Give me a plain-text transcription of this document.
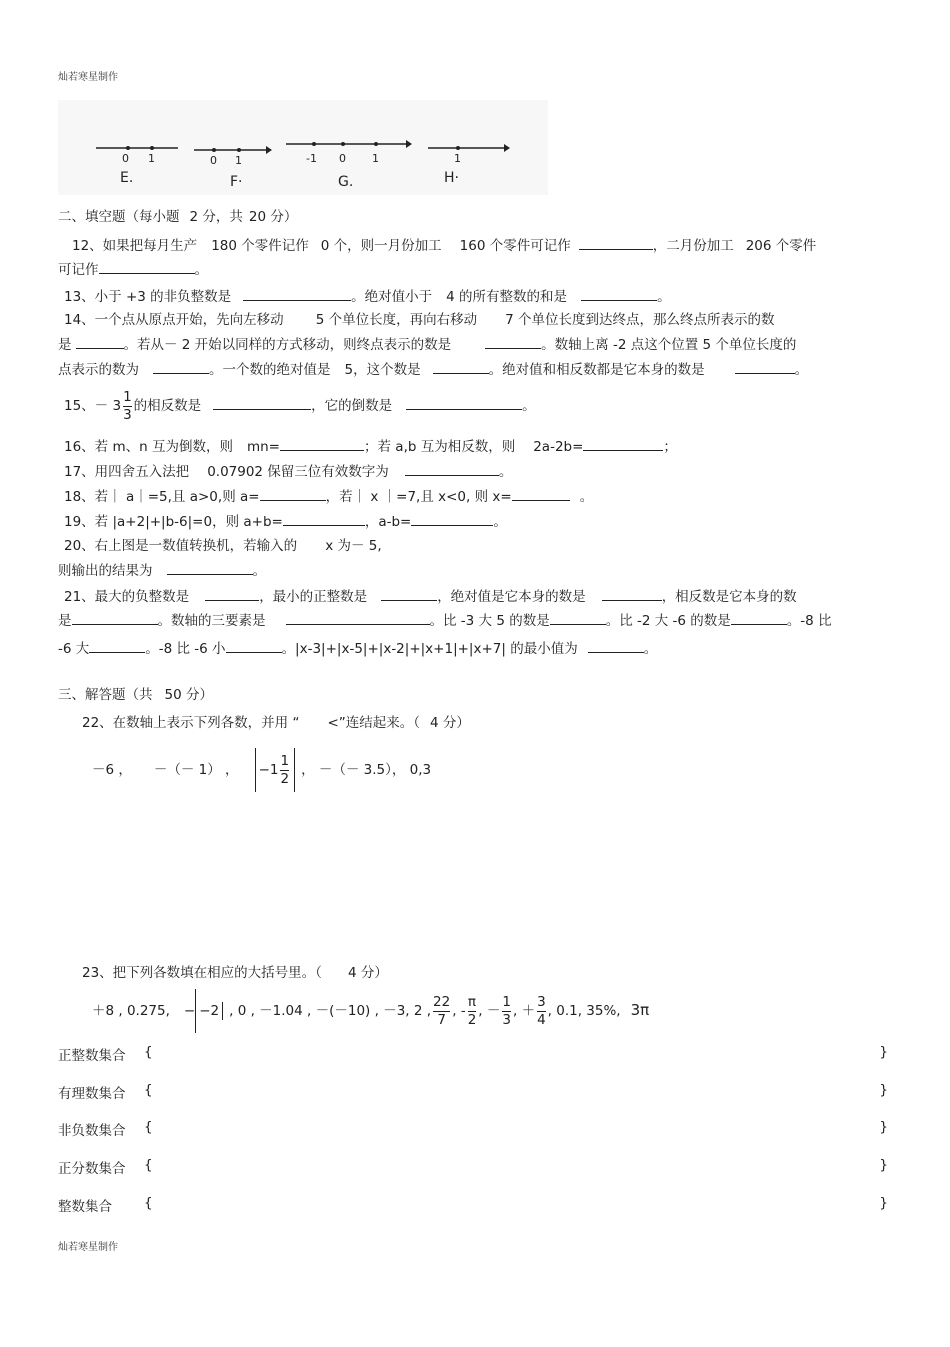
灿若寒星制作
0 1
E.
0 1
F·
-1 0 1
G.
1
H·
二、填空题（每小题 2 分，共 20 分）
12、如果把每月生产 180 个零件记作 0 个，则一月份加工 160 个零件可记作	，二月份加工 206 个零件
可记作	。
13、小于 +3 的非负整数是	。绝对值小于 4 的所有整数的和是	。
14、一个点从原点开始，先向左移动 5 个单位长度，再向右移动 7 个单位长度到达终点，那么终点所表示的数
是	。若从－ 2 开始以同样的方式移动，则终点表示的数是	。数轴上离 -2 点这个位置 5 个单位长度的
点表示的数为	。一个数的绝对值是 5，这个数是	。绝对值和相反数都是它本身的数是	。
15、－ $3 \frac{1}{3}$ 的相反数是	，它的倒数是	。
16、若 m、n 互为倒数，则 mn=	；若 a,b 互为相反数，则 2a-2b=	；
17、用四舍五入法把 0.07902 保留三位有效数字为	。
18、若｜ a｜=5,且 a>0,则 a=	，若｜ x ｜=7,且 x<0, 则 x=	。
19、若 |a+2|+|b-6|=0，则 a+b=	，a-b=	。
20、右上图是一数值转换机，若输入的 x 为－ 5,
则输出的结果为	。
21、最大的负整数是	，最小的正整数是	，绝对值是它本身的数是	，相反数是它本身的数
是	。数轴的三要素是	。比 -3 大 5 的数是	。比 -2 大 -6 的数是	。-8 比
-6 大	。-8 比 -6 小	。|x-3|+|x-5|+|x-2|+|x+1|+|x+7| 的最小值为	。
三、解答题（共 50 分）
22、在数轴上表示下列各数，并用 “ <”连结起来。（ 4 分）
－6 ， －（－ 1） ， $-1 \frac{1}{2}$ ， －（－ 3.5）， 0,3
23、把下列各数填在相应的大括号里。（ 4 分）
＋8 , 0.275, − −2 , 0 , －1.04 , －(－10) , －3, 2 , $\frac{22}{7}$ , - $\frac{\pi}{2}$ , － $\frac{1}{3}$ , ＋ $\frac{3}{4}$ , 0.1, 35%, 3π
正整数集合 {	}
有理数集合 {	}
非负数集合 {	}
正分数集合 {	}
整数集合 {	}
灿若寒星制作
